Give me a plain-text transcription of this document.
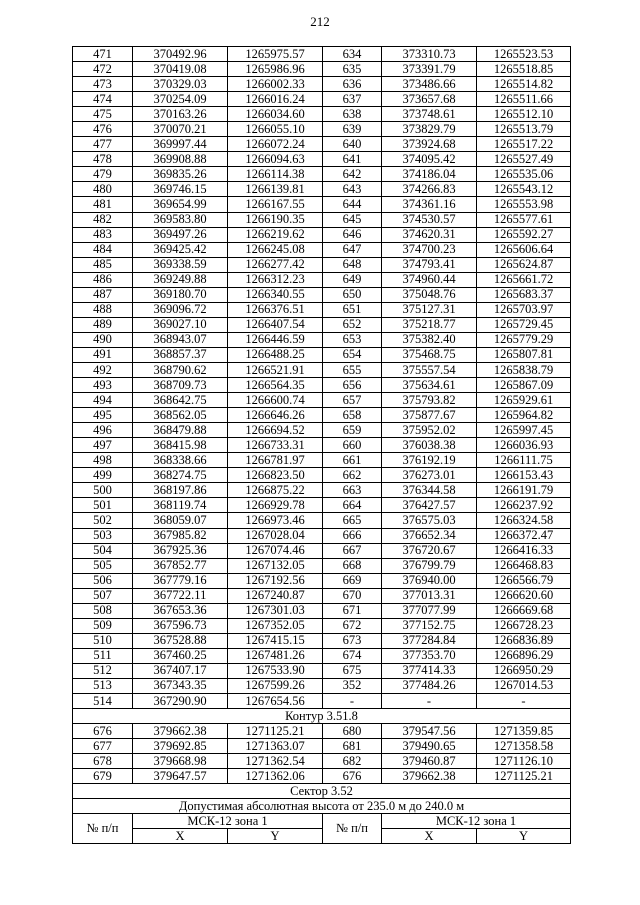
212
471	370492.96	1265975.57	634	373310.73	1265523.53
472	370419.08	1265986.96	635	373391.79	1265518.85
473	370329.03	1266002.33	636	373486.66	1265514.82
474	370254.09	1266016.24	637	373657.68	1265511.66
475	370163.26	1266034.60	638	373748.61	1265512.10
476	370070.21	1266055.10	639	373829.79	1265513.79
477	369997.44	1266072.24	640	373924.68	1265517.22
478	369908.88	1266094.63	641	374095.42	1265527.49
479	369835.26	1266114.38	642	374186.04	1265535.06
480	369746.15	1266139.81	643	374266.83	1265543.12
481	369654.99	1266167.55	644	374361.16	1265553.98
482	369583.80	1266190.35	645	374530.57	1265577.61
483	369497.26	1266219.62	646	374620.31	1265592.27
484	369425.42	1266245.08	647	374700.23	1265606.64
485	369338.59	1266277.42	648	374793.41	1265624.87
486	369249.88	1266312.23	649	374960.44	1265661.72
487	369180.70	1266340.55	650	375048.76	1265683.37
488	369096.72	1266376.51	651	375127.31	1265703.97
489	369027.10	1266407.54	652	375218.77	1265729.45
490	368943.07	1266446.59	653	375382.40	1265779.29
491	368857.37	1266488.25	654	375468.75	1265807.81
492	368790.62	1266521.91	655	375557.54	1265838.79
493	368709.73	1266564.35	656	375634.61	1265867.09
494	368642.75	1266600.74	657	375793.82	1265929.61
495	368562.05	1266646.26	658	375877.67	1265964.82
496	368479.88	1266694.52	659	375952.02	1265997.45
497	368415.98	1266733.31	660	376038.38	1266036.93
498	368338.66	1266781.97	661	376192.19	1266111.75
499	368274.75	1266823.50	662	376273.01	1266153.43
500	368197.86	1266875.22	663	376344.58	1266191.79
501	368119.74	1266929.78	664	376427.57	1266237.92
502	368059.07	1266973.46	665	376575.03	1266324.58
503	367985.82	1267028.04	666	376652.34	1266372.47
504	367925.36	1267074.46	667	376720.67	1266416.33
505	367852.77	1267132.05	668	376799.79	1266468.83
506	367779.16	1267192.56	669	376940.00	1266566.79
507	367722.11	1267240.87	670	377013.31	1266620.60
508	367653.36	1267301.03	671	377077.99	1266669.68
509	367596.73	1267352.05	672	377152.75	1266728.23
510	367528.88	1267415.15	673	377284.84	1266836.89
511	367460.25	1267481.26	674	377353.70	1266896.29
512	367407.17	1267533.90	675	377414.33	1266950.29
513	367343.35	1267599.26	352	377484.26	1267014.53
514	367290.90	1267654.56	-	-	-
Контур 3.51.8					
676	379662.38	1271125.21	680	379547.56	1271359.85
677	379692.85	1271363.07	681	379490.65	1271358.58
678	379668.98	1271362.54	682	379460.87	1271126.10
679	379647.57	1271362.06	676	379662.38	1271125.21
Сектор 3.52					
Допустимая абсолютная высота от 235.0 м до 240.0 м					
№ п/п	МСК-12 зона 1		№ п/п	МСК-12 зона 1	
	X	Y		X	Y
